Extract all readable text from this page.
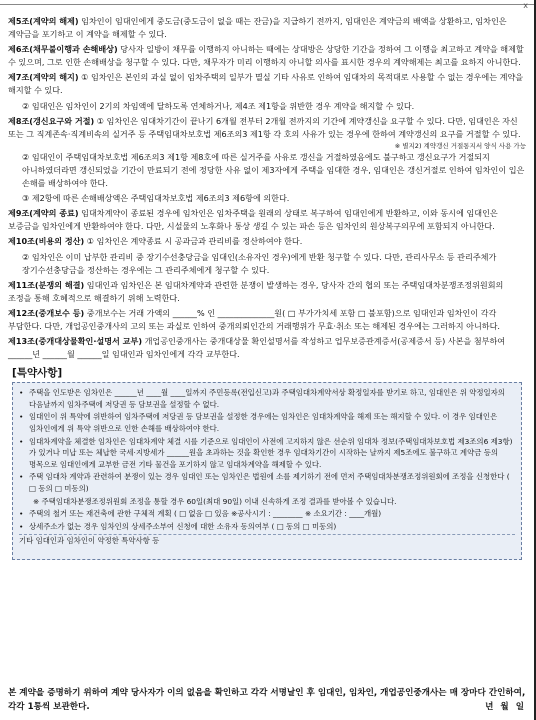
x
제5조(계약의 해제) 임차인이 임대인에게 중도금(중도금이 없을 때는 잔금)을 지급하기 전까지, 임대인은 계약금의 배액을 상환하고, 임차인은 계약금을 포기하고 이 계약을 해제할 수 있다.
제6조(채무불이행과 손해배상) 당사자 일방이 채무를 이행하지 아니하는 때에는 상대방은 상당한 기간을 정하여 그 이행을 최고하고 계약을 해제할 수 있으며, 그로 인한 손해배상을 청구할 수 있다. 다만, 채무자가 미리 이행하지 아니할 의사를 표시한 경우의 계약해제는 최고를 요하지 아니한다.
제7조(계약의 해지) ① 임차인은 본인의 과실 없이 임차주택의 일부가 멸실 기타 사유로 인하여 임대차의 목적대로 사용할 수 없는 경우에는 계약을 해지할 수 있다.
② 임대인은 임차인이 2기의 차임액에 달하도록 연체하거나, 제4조 제1항을 위반한 경우 계약을 해지할 수 있다.
제8조(갱신요구와 거절) ① 임차인은 임대차기간이 끝나기 6개월 전부터 2개월 전까지의 기간에 계약갱신을 요구할 수 있다. 다만, 임대인은 자신 또는 그 직계존속·직계비속의 실거주 등 주택임대차보호법 제6조의3 제1항 각 호의 사유가 있는 경우에 한하여 계약갱신의 요구를 거절할 수 있다.
※ 별지2) 계약갱신 거절통지서 양식 사용 가능
② 임대인이 주택임대차보호법 제6조의3 제1항 제8호에 따른 실거주를 사유로 갱신을 거절하였음에도 불구하고 갱신요구가 거절되지 아니하였더라면 갱신되었을 기간이 만료되기 전에 정당한 사유 없이 제3자에게 주택을 임대한 경우, 임대인은 갱신거절로 인하여 임차인이 입은 손해를 배상하여야 한다.
③ 제2항에 따른 손해배상액은 주택임대차보호법 제6조의3 제6항에 의한다.
제9조(계약의 종료) 임대차계약이 종료된 경우에 임차인은 임차주택을 원래의 상태로 복구하여 임대인에게 반환하고, 이와 동시에 임대인은 보증금을 임차인에게 반환하여야 한다. 다만, 시설물의 노후화나 통상 생길 수 있는 파손 등은 임차인의 원상복구의무에 포함되지 아니한다.
제10조(비용의 정산) ① 임차인은 계약종료 시 공과금과 관리비를 정산하여야 한다.
② 임차인은 이미 납부한 관리비 중 장기수선충당금을 임대인(소유자인 경우)에게 반환 청구할 수 있다. 다만, 관리사무소 등 관리주체가 장기수선충당금을 정산하는 경우에는 그 관리주체에게 청구할 수 있다.
제11조(분쟁의 해결) 임대인과 임차인은 본 임대차계약과 관련한 분쟁이 발생하는 경우, 당사자 간의 협의 또는 주택임대차분쟁조정위원회의 조정을 통해 호혜적으로 해결하기 위해 노력한다.
제12조(중개보수 등) 중개보수는 거래 가액의 ______% 인 ______________원( □ 부가가치세 포함 □ 불포함)으로 임대인과 임차인이 각각 부담한다. 다만, 개업공인중개사의 고의 또는 과실로 인하여 중개의뢰인간의 거래행위가 무효·취소 또는 해제된 경우에는 그러하지 아니하다.
제13조(중개대상물확인·설명서 교부) 개업공인중개사는 중개대상물 확인설명서를 작성하고 업무보증관계증서(공제증서 등) 사본을 첨부하여 ______년 ______월 ______일 임대인과 임차인에게 각각 교부한다.
[특약사항]
• 주택을 인도받은 임차인은 ______년 ____월 ____일까지 주민등록(전입신고)과 주택임대차계약서상 확정일자를 받기로 하고, 임대인은 위 약정일자의 다음날까지 임차주택에 저당권 등 담보권을 설정할 수 없다.
• 임대인이 위 특약에 위반하여 임차주택에 저당권 등 담보권을 설정한 경우에는 임차인은 임대차계약을 해제 또는 해지할 수 있다. 이 경우 임대인은 임차인에게 위 특약 위반으로 인한 손해를 배상하여야 한다.
• 임대차계약을 체결한 임차인은 임대차계약 체결 시를 기준으로 임대인이 사전에 고지하지 않은 선순위 임대차 정보(주택임대차보호법 제3조의6 제3항)가 있거나 미납 또는 체납한 국세·지방세가 ______원을 초과하는 것을 확인한 경우 임대차기간이 시작하는 날까지 제5조에도 불구하고 계약금 등의 명목으로 임대인에게 교부한 금전 기타 물건을 포기하지 않고 임대차계약을 해제할 수 있다.
• 주택 임대차 계약과 관련하여 분쟁이 있는 경우 임대인 또는 임차인은 법원에 소를 제기하기 전에 먼저 주택임대차분쟁조정위원회에 조정을 신청한다 ( □ 동의 □ 미동의)
※ 주택임대차분쟁조정위원회 조정을 통할 경우 60일(최대 90일) 이내 신속하게 조정 결과를 받아볼 수 있습니다.
• 주택의 철거 또는 재건축에 관한 구체적 계획 ( □ 없음 □ 있음 ※공사시기 : ________ ※ 소요기간 : ____개월)
• 상세주소가 없는 경우 임차인의 상세주소부여 신청에 대한 소유자 동의여부 ( □ 동의 □ 미동의)
기타 임대인과 임차인이 약정한 특약사항 등
본 계약을 증명하기 위하여 계약 당사자가 이의 없음을 확인하고 각각 서명날인 후 임대인, 임차인, 개업공인중개사는 매 장마다 간인하여, 각각 1통씩 보관한다.	년 월 일
